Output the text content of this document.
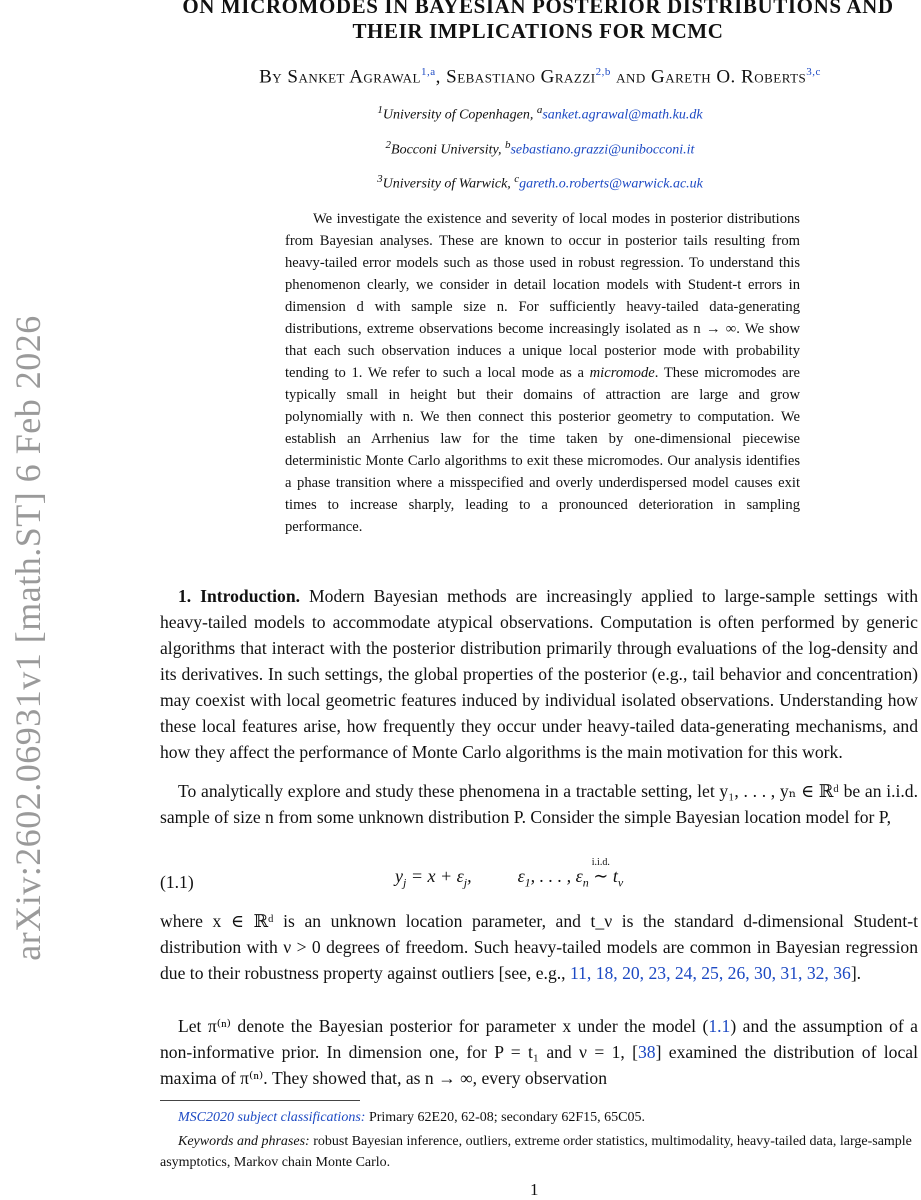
arXiv:2602.06931v1 [math.ST] 6 Feb 2026
ON MICROMODES IN BAYESIAN POSTERIOR DISTRIBUTIONS AND
THEIR IMPLICATIONS FOR MCMC
By Sanket Agrawal$^{1,a}$, Sebastiano Grazzi$^{2,b}$ and Gareth O. Roberts$^{3,c}$
$^1$University of Copenhagen, $^a$sanket.agrawal@math.ku.dk
$^2$Bocconi University, $^b$sebastiano.grazzi@unibocconi.it
$^3$University of Warwick, $^c$gareth.o.roberts@warwick.ac.uk

We investigate the existence and severity of local modes in posterior distributions from Bayesian analyses. These are known to occur in posterior tails resulting from heavy-tailed error models such as those used in robust regression. To understand this phenomenon clearly, we consider in detail location models with Student-t errors in dimension d with sample size n. For sufficiently heavy-tailed data-generating distributions, extreme observations become increasingly isolated as n → ∞. We show that each such observation induces a unique local posterior mode with probability tending to 1. We refer to such a local mode as a micromode. These micromodes are typically small in height but their domains of attraction are large and grow polynomially with n. We then connect this posterior geometry to computation. We establish an Arrhenius law for the time taken by one-dimensional piecewise deterministic Monte Carlo algorithms to exit these micromodes. Our analysis identifies a phase transition where a misspecified and overly underdispersed model causes exit times to increase sharply, leading to a pronounced deterioration in sampling performance.

1. Introduction. Modern Bayesian methods are increasingly applied to large-sample settings with heavy-tailed models to accommodate atypical observations. Computation is often performed by generic algorithms that interact with the posterior distribution primarily through evaluations of the log-density and its derivatives. In such settings, the global properties of the posterior (e.g., tail behavior and concentration) may coexist with local geometric features induced by individual isolated observations. Understanding how these local features arise, how frequently they occur under heavy-tailed data-generating mechanisms, and how they affect the performance of Monte Carlo algorithms is the main motivation for this work.

To analytically explore and study these phenomena in a tractable setting, let y₁, . . . , yₙ ∈ ℝᵈ be an i.i.d. sample of size n from some unknown distribution P. Consider the simple Bayesian location model for P,

(1.1)	$y_j = x + \varepsilon_j$,	$\varepsilon_1$, . . . , $\varepsilon_n$
i.i.d.
∼ $t_\nu$

where x ∈ ℝᵈ is an unknown location parameter, and t_ν is the standard d-dimensional Student-t distribution with ν > 0 degrees of freedom. Such heavy-tailed models are common in Bayesian regression due to their robustness property against outliers [see, e.g., 11, 18, 20, 23, 24, 25, 26, 30, 31, 32, 36].

Let π⁽ⁿ⁾ denote the Bayesian posterior for parameter x under the model (1.1) and the assumption of a non-informative prior. In dimension one, for P = t₁ and ν = 1, [38] examined the distribution of local maxima of π⁽ⁿ⁾. They showed that, as n → ∞, every observation

MSC2020 subject classifications: Primary 62E20, 62-08; secondary 62F15, 65C05.

Keywords and phrases: robust Bayesian inference, outliers, extreme order statistics, multimodality, heavy-tailed data, large-sample asymptotics, Markov chain Monte Carlo.

1
